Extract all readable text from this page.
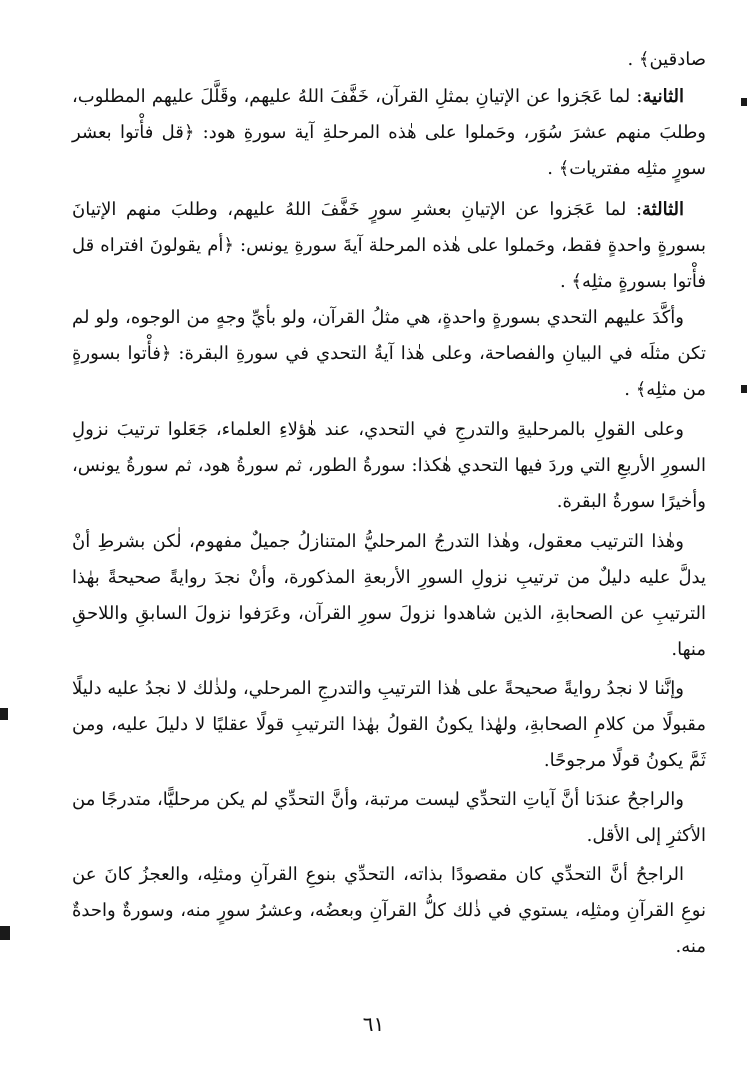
صادقين﴾ .

الثانية: لما عَجَزوا عن الإتيانِ بمثلِ القرآن، خَفَّفَ اللهُ عليهم، وقَلَّلَ عليهم المطلوب، وطلبَ منهم عشرَ سُوَر، وحَملوا على هٰذه المرحلةِ آية سورةِ هود: ﴿قل فأْتوا بعشر سورٍ مثلِه مفتريات﴾ .

الثالثة: لما عَجَزوا عن الإتيانِ بعشرِ سورٍ خَفَّفَ اللهُ عليهم، وطلبَ منهم الإتيانَ بسورةٍ واحدةٍ فقط، وحَملوا على هٰذه المرحلة آيةَ سورةِ يونس: ﴿أم يقولونَ افتراه قل فأْتوا بسورةٍ مثلِه﴾ .

وأكَّدَ عليهم التحدي بسورةٍ واحدةٍ، هي مثلُ القرآن، ولو بأيِّ وجهٍ من الوجوه، ولو لم تكن مثلَه في البيانِ والفصاحة، وعلى هٰذا آيةُ التحدي في سورةِ البقرة: ﴿فأْتوا بسورةٍ من مثلِه﴾ .

وعلى القولِ بالمرحليةِ والتدرجِ في التحدي، عند هٰؤلاءِ العلماء، جَعَلوا ترتيبَ نزولِ السورِ الأربعِ التي وردَ فيها التحدي هٰكذا: سورةُ الطور، ثم سورةُ هود، ثم سورةُ يونس، وأخيرًا سورةُ البقرة.

وهٰذا الترتيب معقول، وهٰذا التدرجُ المرحليُّ المتنازلُ جميلٌ مفهوم، لٰكن بشرطِ أنْ يدلَّ عليه دليلٌ من ترتيبِ نزولِ السورِ الأربعةِ المذكورة، وأنْ نجدَ روايةً صحيحةً بهٰذا الترتيبِ عن الصحابةِ، الذين شاهدوا نزولَ سورِ القرآن، وعَرَفوا نزولَ السابقِ واللاحقِ منها.

وإنَّنا لا نجدُ روايةً صحيحةً على هٰذا الترتيبِ والتدرجِ المرحلي، ولذٰلك لا نجدُ عليه دليلًا مقبولًا من كلامِ الصحابةِ، ولهٰذا يكونُ القولُ بهٰذا الترتيبِ قولًا عقليًا لا دليلَ عليه، ومن ثَمَّ يكونُ قولًا مرجوحًا.

والراجحُ عندَنا أنَّ آياتِ التحدِّي ليست مرتبة، وأنَّ التحدِّي لم يكن مرحليًّا، متدرجًا من الأكثرِ إلى الأقل.

الراجحُ أنَّ التحدِّي كان مقصودًا بذاته، التحدِّي بنوعِ القرآنِ ومثلِه، والعجزُ كانَ عن نوعِ القرآنِ ومثلِه، يستوي في ذٰلك كلُّ القرآنِ وبعضُه، وعشرُ سورٍ منه، وسورةٌ واحدةٌ منه.

٦١
